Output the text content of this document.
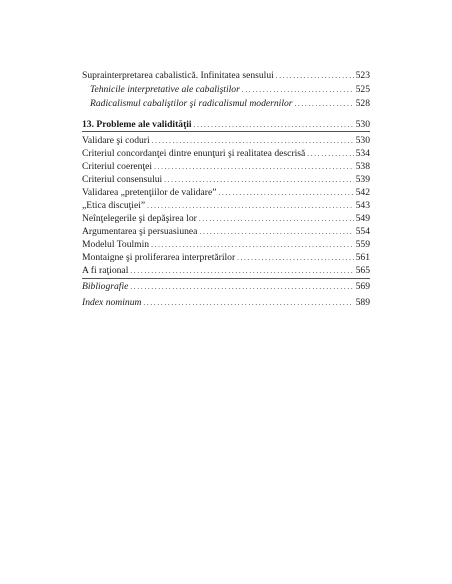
Suprainterpretarea cabalistică. Infinitatea sensului . . .	523
Tehnicile interpretative ale cabaliştilor . . .	525
Radicalismul cabaliştilor şi radicalismul modernilor . . .	528
13. Probleme ale validităţii . . .	530
Validare şi coduri . . .	530
Criteriul concordanţei dintre enunţuri şi realitatea descrisă . . .	534
Criteriul coerenţei . . .	538
Criteriul consensului . . .	539
Validarea „pretenţiilor de validare” . . .	542
„Etica discuţiei” . . .	543
Neînţelegerile şi depăşirea lor . . .	549
Argumentarea şi persuasiunea . . .	554
Modelul Toulmin . . .	559
Montaigne şi proliferarea interpretărilor . . .	561
A fi raţional . . .	565
Bibliografie . . .	569
Index nominum . . .	589
